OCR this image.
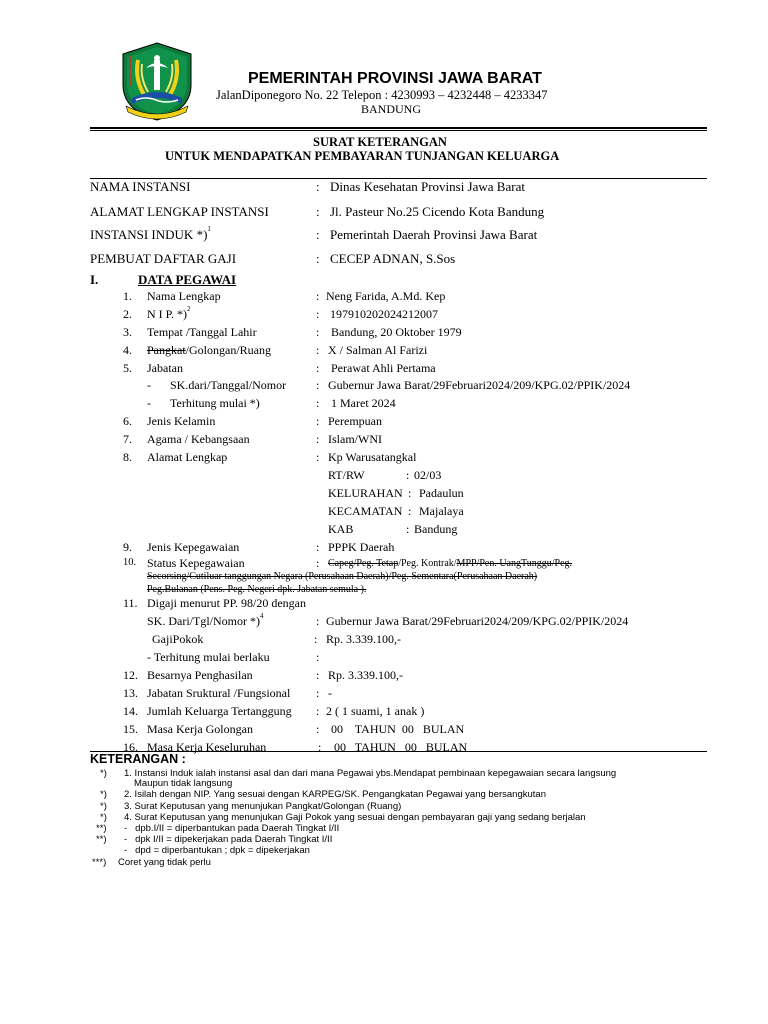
PEMERINTAH PROVINSI JAWA BARAT
JalanDiponegoro No. 22 Telepon : 4230993 – 4232448 – 4233347
BANDUNG
SURAT KETERANGAN
UNTUK MENDAPATKAN PEMBAYARAN TUNJANGAN KELUARGA
NAMA INSTANSI	: Dinas Kesehatan Provinsi Jawa Barat
ALAMAT LENGKAP INSTANSI	: Jl. Pasteur No.25 Cicendo Kota Bandung
INSTANSI INDUK *)$^1$	: Pemerintah Daerah Provinsi Jawa Barat
PEMBUAT DAFTAR GAJI	: CECEP ADNAN, S.Sos
I.	DATA PEGAWAI
1. Nama Lengkap	: Neng Farida, A.Md. Kep
2. N I P. *)$^2$	: 197910202024212007
3. Tempat /Tanggal Lahir	: Bandung, 20 Oktober 1979
4. Pangkat/Golongan/Ruang	: X / Salman Al Farizi
5. Jabatan	: Perawat Ahli Pertama
- SK.dari/Tanggal/Nomor : Gubernur Jawa Barat/29Februari2024/209/KPG.02/PPIK/2024
- Terhitung mulai *)	: 1 Maret 2024
6. Jenis Kelamin	: Perempuan
7. Agama / Kebangsaan	: Islam/WNI
8. Alamat Lengkap	: Kp Warusatangkal
RT/RW	: 02/03
KELURAHAN : Padaulun
KECAMATAN : Majalaya
KAB	: Bandung
9. Jenis Kepegawaian	: PPPK Daerah
10. Status Kepegawaian	: Capeg/Peg. Tetap/Peg. Kontrak/MPP/Pen. UangTunggu/Peg.
Secorsing/Cutiluar tanggungan Negara (Perusahaan Daerah)/Peg. Sementara(Perusahaan Daerah)
Peg.Bulanan (Pens. Peg. Negeri dpk. Jabatan semula ).
11. Digaji menurut PP. 98/20 dengan
SK. Dari/Tgl/Nomor *)$^4$	: Gubernur Jawa Barat/29Februari2024/209/KPG.02/PPIK/2024
GajiPokok	: Rp. 3.339.100,-
- Terhitung mulai berlaku	:
12. Besarnya Penghasilan	: Rp. 3.339.100,-
13. Jabatan Sruktural /Fungsional : -
14. Jumlah Keluarga Tertanggung : 2 ( 1 suami, 1 anak )
15. Masa Kerja Golongan	: 00    TAHUN  00   BULAN
16. Masa Kerja Keseluruhan	: 00   TAHUN   00   BULAN
KETERANGAN :
*) 1. Instansi Induk ialah instansi asal dan dari mana Pegawai ybs.Mendapat pembinaan kepegawaian secara langsung
Maupun tidak langsung
*) 2. Isilah dengan NIP. Yang sesuai dengan KARPEG/SK. Pengangkatan Pegawai yang bersangkutan
*) 3. Surat Keputusan yang menunjukan Pangkat/Golongan (Ruang)
*) 4. Surat Keputusan yang menunjukan Gaji Pokok yang sesuai dengan pembayaran gaji yang sedang berjalan
**) -   dpb.I/II = diperbantukan pada Daerah Tingkat I/II
**) -   dpk I/II = dipekerjakan pada Daerah Tingkat I/II
-   dpd = diperbantukan ; dpk = dipekerjakan
***) Coret yang tidak perlu
